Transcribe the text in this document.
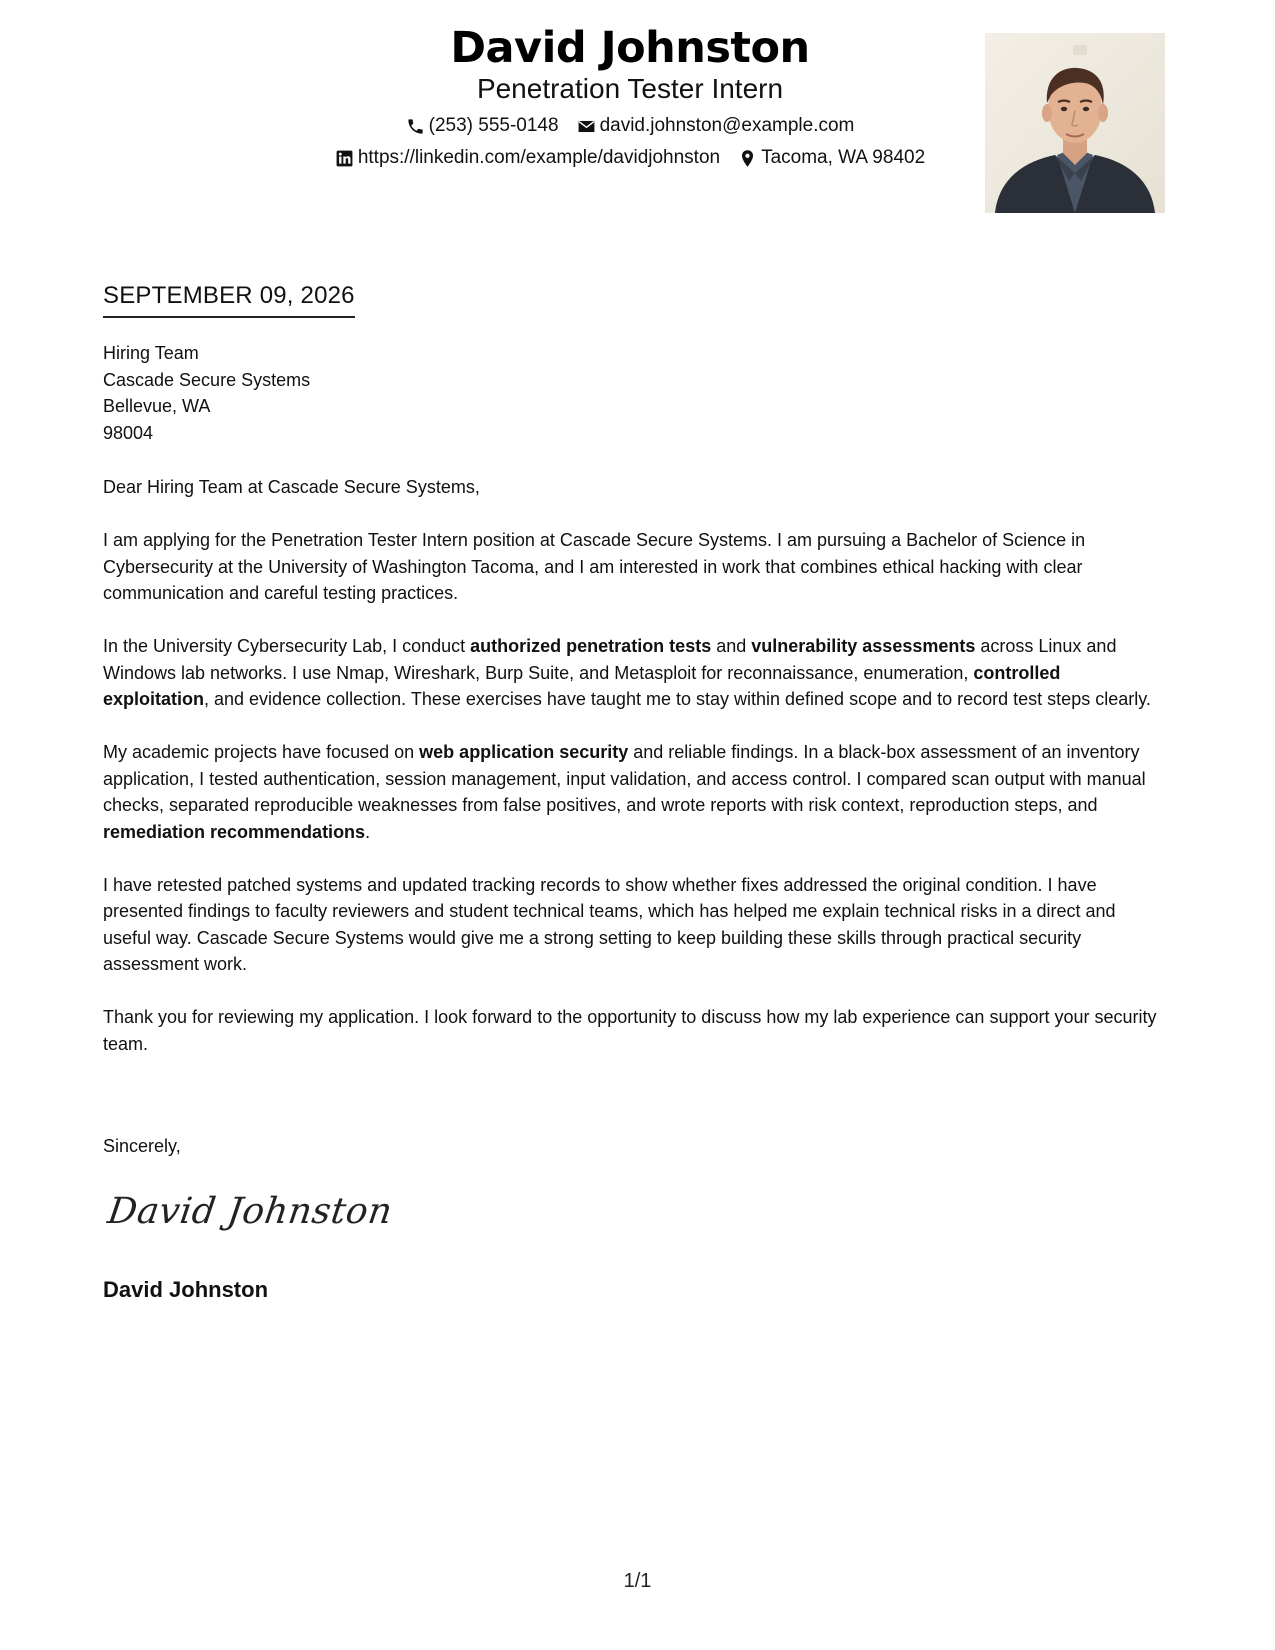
David Johnston
Penetration Tester Intern
(253) 555-0148 david.johnston@example.com
https://linkedin.com/example/davidjohnston Tacoma, WA 98402
SEPTEMBER 09, 2026
Hiring Team
Cascade Secure Systems
Bellevue, WA
98004

Dear Hiring Team at Cascade Secure Systems,

I am applying for the Penetration Tester Intern position at Cascade Secure Systems. I am pursuing a Bachelor of Science in Cybersecurity at the University of Washington Tacoma, and I am interested in work that combines ethical hacking with clear communication and careful testing practices.

In the University Cybersecurity Lab, I conduct authorized penetration tests and vulnerability assessments across Linux and Windows lab networks. I use Nmap, Wireshark, Burp Suite, and Metasploit for reconnaissance, enumeration, controlled exploitation, and evidence collection. These exercises have taught me to stay within defined scope and to record test steps clearly.

My academic projects have focused on web application security and reliable findings. In a black-box assessment of an inventory application, I tested authentication, session management, input validation, and access control. I compared scan output with manual checks, separated reproducible weaknesses from false positives, and wrote reports with risk context, reproduction steps, and remediation recommendations.

I have retested patched systems and updated tracking records to show whether fixes addressed the original condition. I have presented findings to faculty reviewers and student technical teams, which has helped me explain technical risks in a direct and useful way. Cascade Secure Systems would give me a strong setting to keep building these skills through practical security assessment work.

Thank you for reviewing my application. I look forward to the opportunity to discuss how my lab experience can support your security team.

Sincerely,
David Johnston
David Johnston
1/1
